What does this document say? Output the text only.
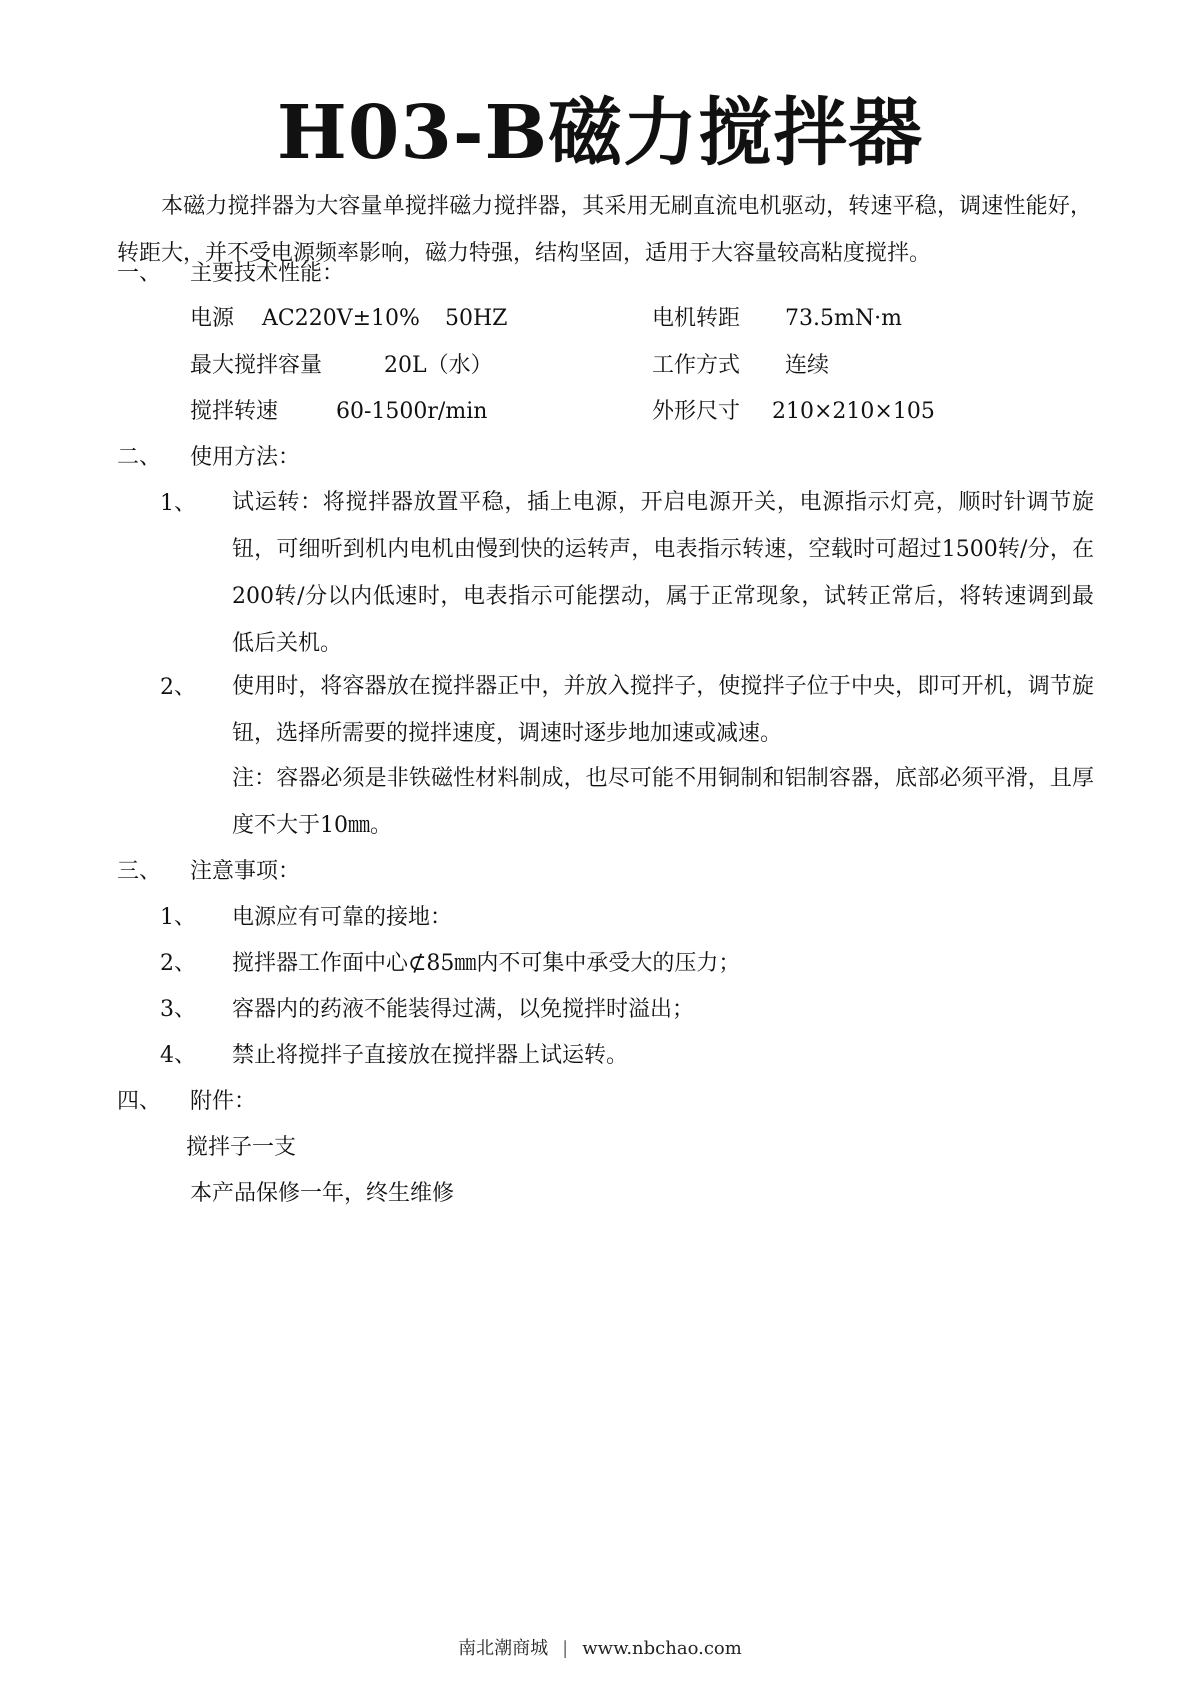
H03-B磁力搅拌器
本磁力搅拌器为大容量单搅拌磁力搅拌器，其采用无刷直流电机驱动，转速平稳，调速性能好，转距大，并不受电源频率影响，磁力特强，结构坚固，适用于大容量较高粘度搅拌。
一、 主要技术性能：
电源 AC220V±10% 50HZ	电机转距 73.5mN·m
最大搅拌容量	20L（水）	工作方式 连续
搅拌转速	60-1500r/min	外形尺寸 210×210×105
二、 使用方法：
1、 试运转：将搅拌器放置平稳，插上电源，开启电源开关，电源指示灯亮，顺时针调节旋钮，可细听到机内电机由慢到快的运转声，电表指示转速，空载时可超过1500转/分，在200转/分以内低速时，电表指示可能摆动，属于正常现象，试转正常后，将转速调到最低后关机。
2、 使用时，将容器放在搅拌器正中，并放入搅拌子，使搅拌子位于中央，即可开机，调节旋钮，选择所需要的搅拌速度，调速时逐步地加速或减速。
注：容器必须是非铁磁性材料制成，也尽可能不用铜制和铝制容器，底部必须平滑，且厚度不大于10㎜。
三、 注意事项：
1、 电源应有可靠的接地：
2、 搅拌器工作面中心⊄85㎜内不可集中承受大的压力；
3、 容器内的药液不能装得过满，以免搅拌时溢出；
4、 禁止将搅拌子直接放在搅拌器上试运转。
四、 附件：
搅拌子一支
本产品保修一年，终生维修
南北潮商城 | www.nbchao.com
